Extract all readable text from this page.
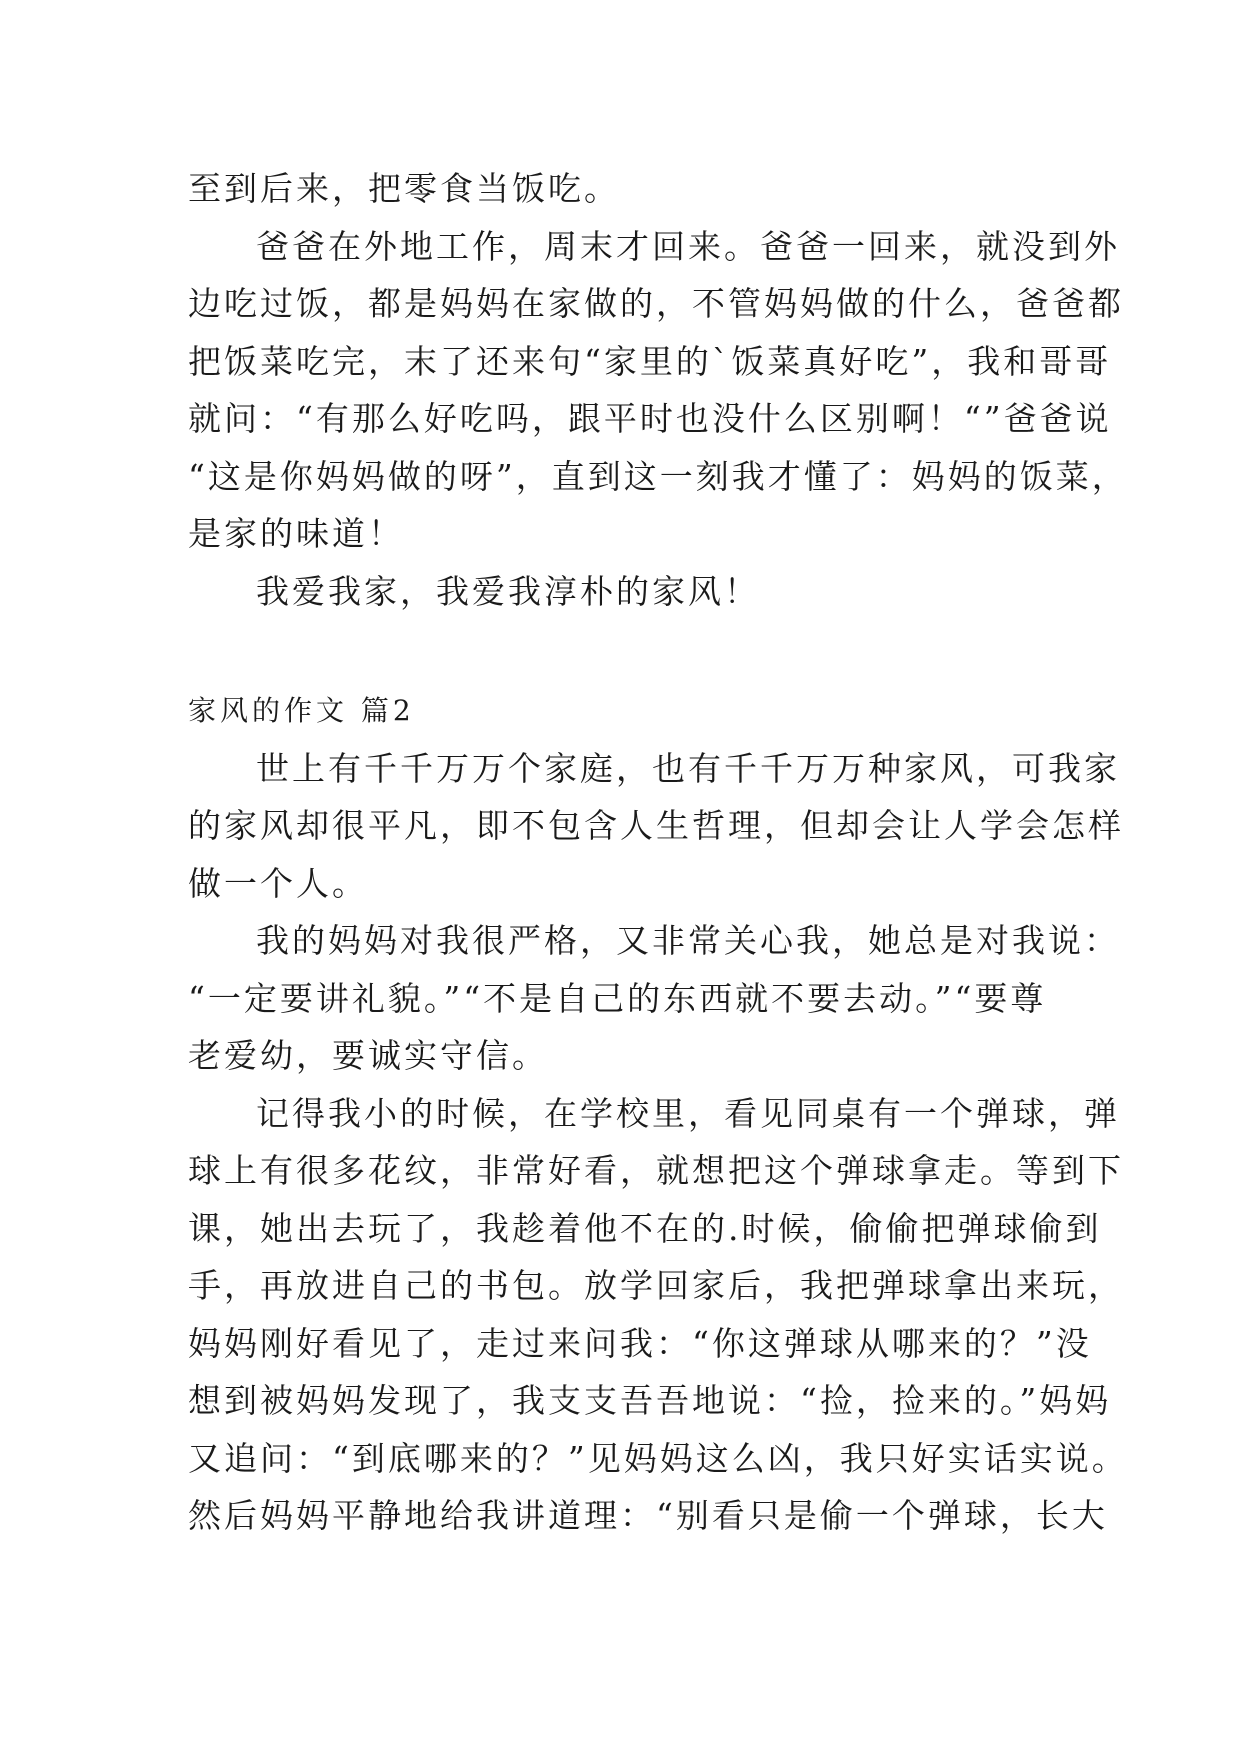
至到后来，把零食当饭吃。
爸爸在外地工作，周末才回来。爸爸一回来，就没到外
边吃过饭，都是妈妈在家做的，不管妈妈做的什么，爸爸都
把饭菜吃完，末了还来句“家里的`饭菜真好吃”，我和哥哥
就问：“有那么好吃吗，跟平时也没什么区别啊！“”爸爸说
“这是你妈妈做的呀”，直到这一刻我才懂了：妈妈的饭菜，
是家的味道！
我爱我家，我爱我淳朴的家风！
家风的作文 篇2
世上有千千万万个家庭，也有千千万万种家风，可我家
的家风却很平凡，即不包含人生哲理，但却会让人学会怎样
做一个人。
我的妈妈对我很严格，又非常关心我，她总是对我说：
“一定要讲礼貌。”“不是自己的东西就不要去动。”“要尊
老爱幼，要诚实守信。
记得我小的时候，在学校里，看见同桌有一个弹球，弹
球上有很多花纹，非常好看，就想把这个弹球拿走。等到下
课，她出去玩了，我趁着他不在的.时候，偷偷把弹球偷到
手，再放进自己的书包。放学回家后，我把弹球拿出来玩，
妈妈刚好看见了，走过来问我：“你这弹球从哪来的？”没
想到被妈妈发现了，我支支吾吾地说：“捡，捡来的。”妈妈
又追问：“到底哪来的？”见妈妈这么凶，我只好实话实说。
然后妈妈平静地给我讲道理：“别看只是偷一个弹球，长大
